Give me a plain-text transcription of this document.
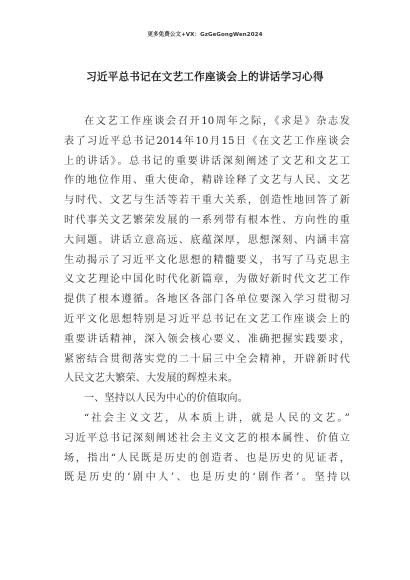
更多免费公文+VX：GzGeGongWen2024
习近平总书记在文艺工作座谈会上的讲话学习心得
在文艺工作座谈会召开10周年之际，《求是》杂志发
表了习近平总书记2014年10月15日《在文艺工作座谈会
上的讲话》。总书记的重要讲话深刻阐述了文艺和文艺工
作的地位作用、重大使命，精辟诠释了文艺与人民、文艺
与时代、文艺与生活等若干重大关系，创造性地回答了新
时代事关文艺繁荣发展的一系列带有根本性、方向性的重
大问题。讲话立意高远、底蕴深厚，思想深刻、内涵丰富
生动揭示了习近平文化思想的精髓要义，书写了马克思主
义文艺理论中国化时代化新篇章，为做好新时代文艺工作
提供了根本遵循。各地区各部门各单位要深入学习贯彻习
近平文化思想特别是习近平总书记在文艺工作座谈会上的
重要讲话精神，深入领会核心要义、准确把握实践要求，
紧密结合贯彻落实党的二十届三中全会精神，开辟新时代
人民文艺大繁荣、大发展的辉煌未来。
一、坚持以人民为中心的价值取向。
“社会主义文艺，从本质上讲，就是人民的文艺。”
习近平总书记深刻阐述社会主义文艺的根本属性、价值立
场，指出“人民既是历史的创造者、也是历史的见证者，
既是历史的‘剧中人’、也是历史的‘剧作者’。坚持以
